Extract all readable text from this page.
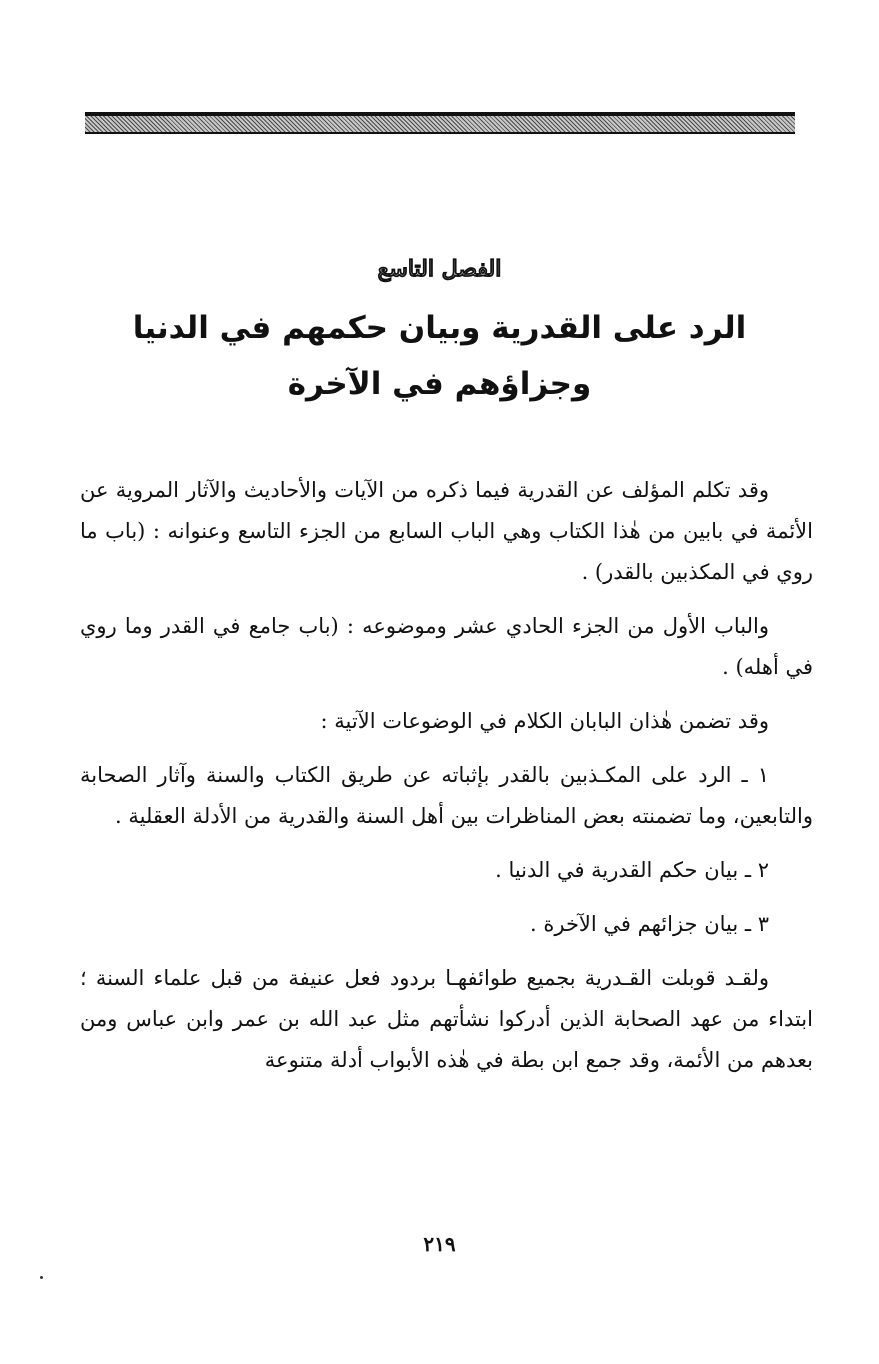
الفصل التاسع
الرد على القدرية وبيان حكمهم في الدنيا
وجزاؤهم في الآخرة

وقد تكلم المؤلف عن القدرية فيما ذكره من الآيات والأحاديث والآثار المروية عن الأئمة في بابين من هٰذا الكتاب وهي الباب السابع من الجزء التاسع وعنوانه : (باب ما روي في المكذبين بالقدر) .

والباب الأول من الجزء الحادي عشر وموضوعه : (باب جامع في القدر وما روي في أهله) .

وقد تضمن هٰذان البابان الكلام في الوضوعات الآتية :

١ ـ الرد على المكـذبين بالقدر بإثباته عن طريق الكتاب والسنة وآثار الصحابة والتابعين، وما تضمنته بعض المناظرات بين أهل السنة والقدرية من الأدلة العقلية .

٢ ـ بيان حكم القدرية في الدنيا .

٣ ـ بيان جزائهم في الآخرة .

ولقـد قوبلت القـدرية بجميع طوائفهـا بردود فعل عنيفة من قبل علماء السنة ؛ ابتداء من عهد الصحابة الذين أدركوا نشأتهم مثل عبد الله بن عمر وابن عباس ومن بعدهم من الأئمة، وقد جمع ابن بطة في هٰذه الأبواب أدلة متنوعة

٢١٩
